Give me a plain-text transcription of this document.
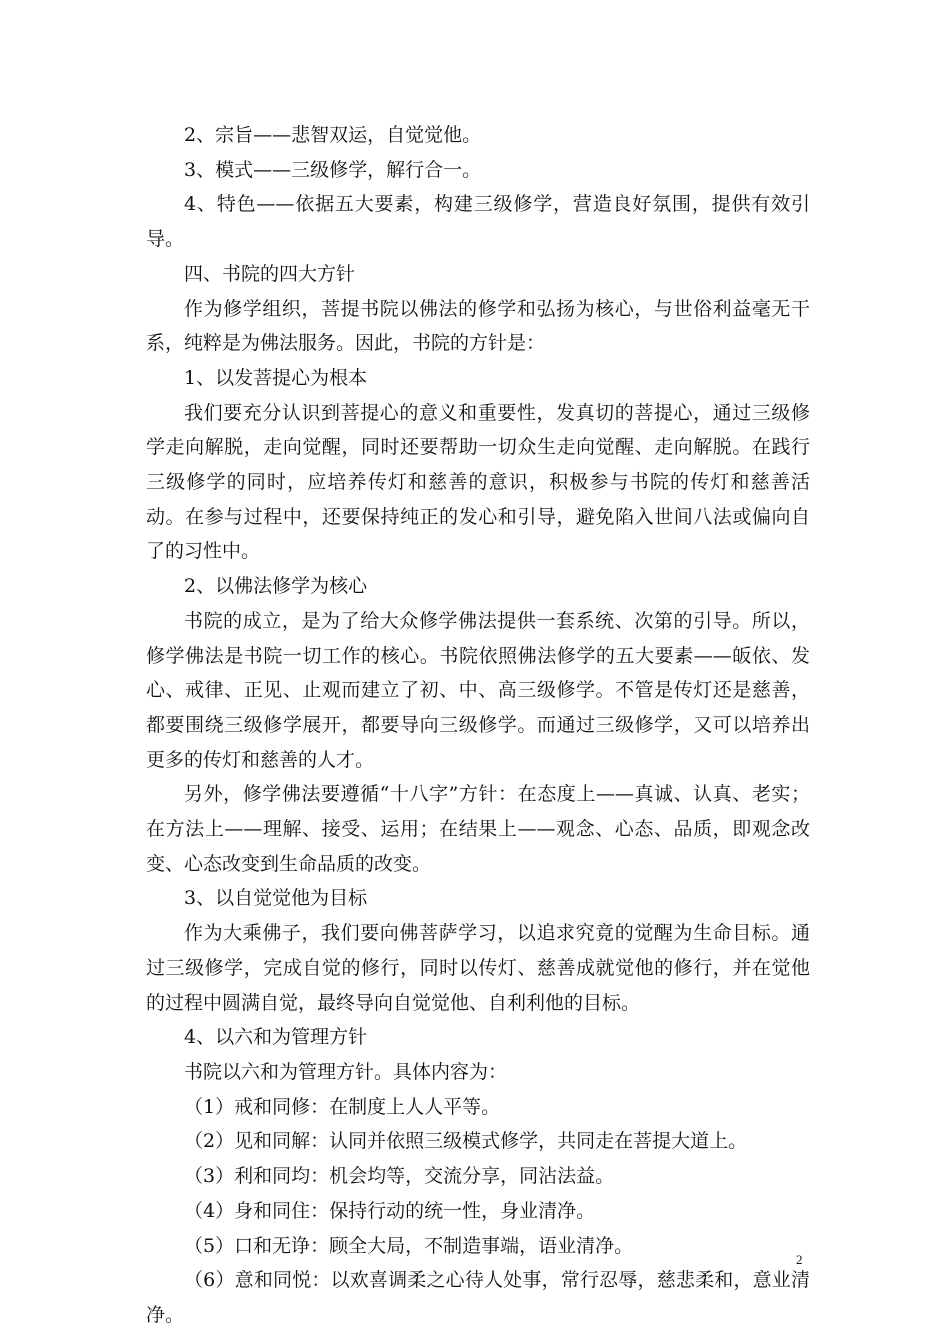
2、宗旨——悲智双运，自觉觉他。

3、模式——三级修学，解行合一。

4、特色——依据五大要素，构建三级修学，营造良好氛围，提供有效引导。

四、书院的四大方针

作为修学组织，菩提书院以佛法的修学和弘扬为核心，与世俗利益毫无干系，纯粹是为佛法服务。因此，书院的方针是：

1、以发菩提心为根本

我们要充分认识到菩提心的意义和重要性，发真切的菩提心，通过三级修学走向解脱，走向觉醒，同时还要帮助一切众生走向觉醒、走向解脱。在践行三级修学的同时，应培养传灯和慈善的意识，积极参与书院的传灯和慈善活动。在参与过程中，还要保持纯正的发心和引导，避免陷入世间八法或偏向自了的习性中。

2、以佛法修学为核心

书院的成立，是为了给大众修学佛法提供一套系统、次第的引导。所以，修学佛法是书院一切工作的核心。书院依照佛法修学的五大要素——皈依、发心、戒律、正见、止观而建立了初、中、高三级修学。不管是传灯还是慈善，都要围绕三级修学展开，都要导向三级修学。而通过三级修学，又可以培养出更多的传灯和慈善的人才。

另外，修学佛法要遵循“十八字”方针：在态度上——真诚、认真、老实；在方法上——理解、接受、运用；在结果上——观念、心态、品质，即观念改变、心态改变到生命品质的改变。

3、以自觉觉他为目标

作为大乘佛子，我们要向佛菩萨学习，以追求究竟的觉醒为生命目标。通过三级修学，完成自觉的修行，同时以传灯、慈善成就觉他的修行，并在觉他的过程中圆满自觉，最终导向自觉觉他、自利利他的目标。

4、以六和为管理方针

书院以六和为管理方针。具体内容为：

（1）戒和同修：在制度上人人平等。

（2）见和同解：认同并依照三级模式修学，共同走在菩提大道上。

（3）利和同均：机会均等，交流分享，同沾法益。

（4）身和同住：保持行动的统一性，身业清净。

（5）口和无诤：顾全大局，不制造事端，语业清净。

（6）意和同悦：以欢喜调柔之心待人处事，常行忍辱，慈悲柔和，意业清净。

2
